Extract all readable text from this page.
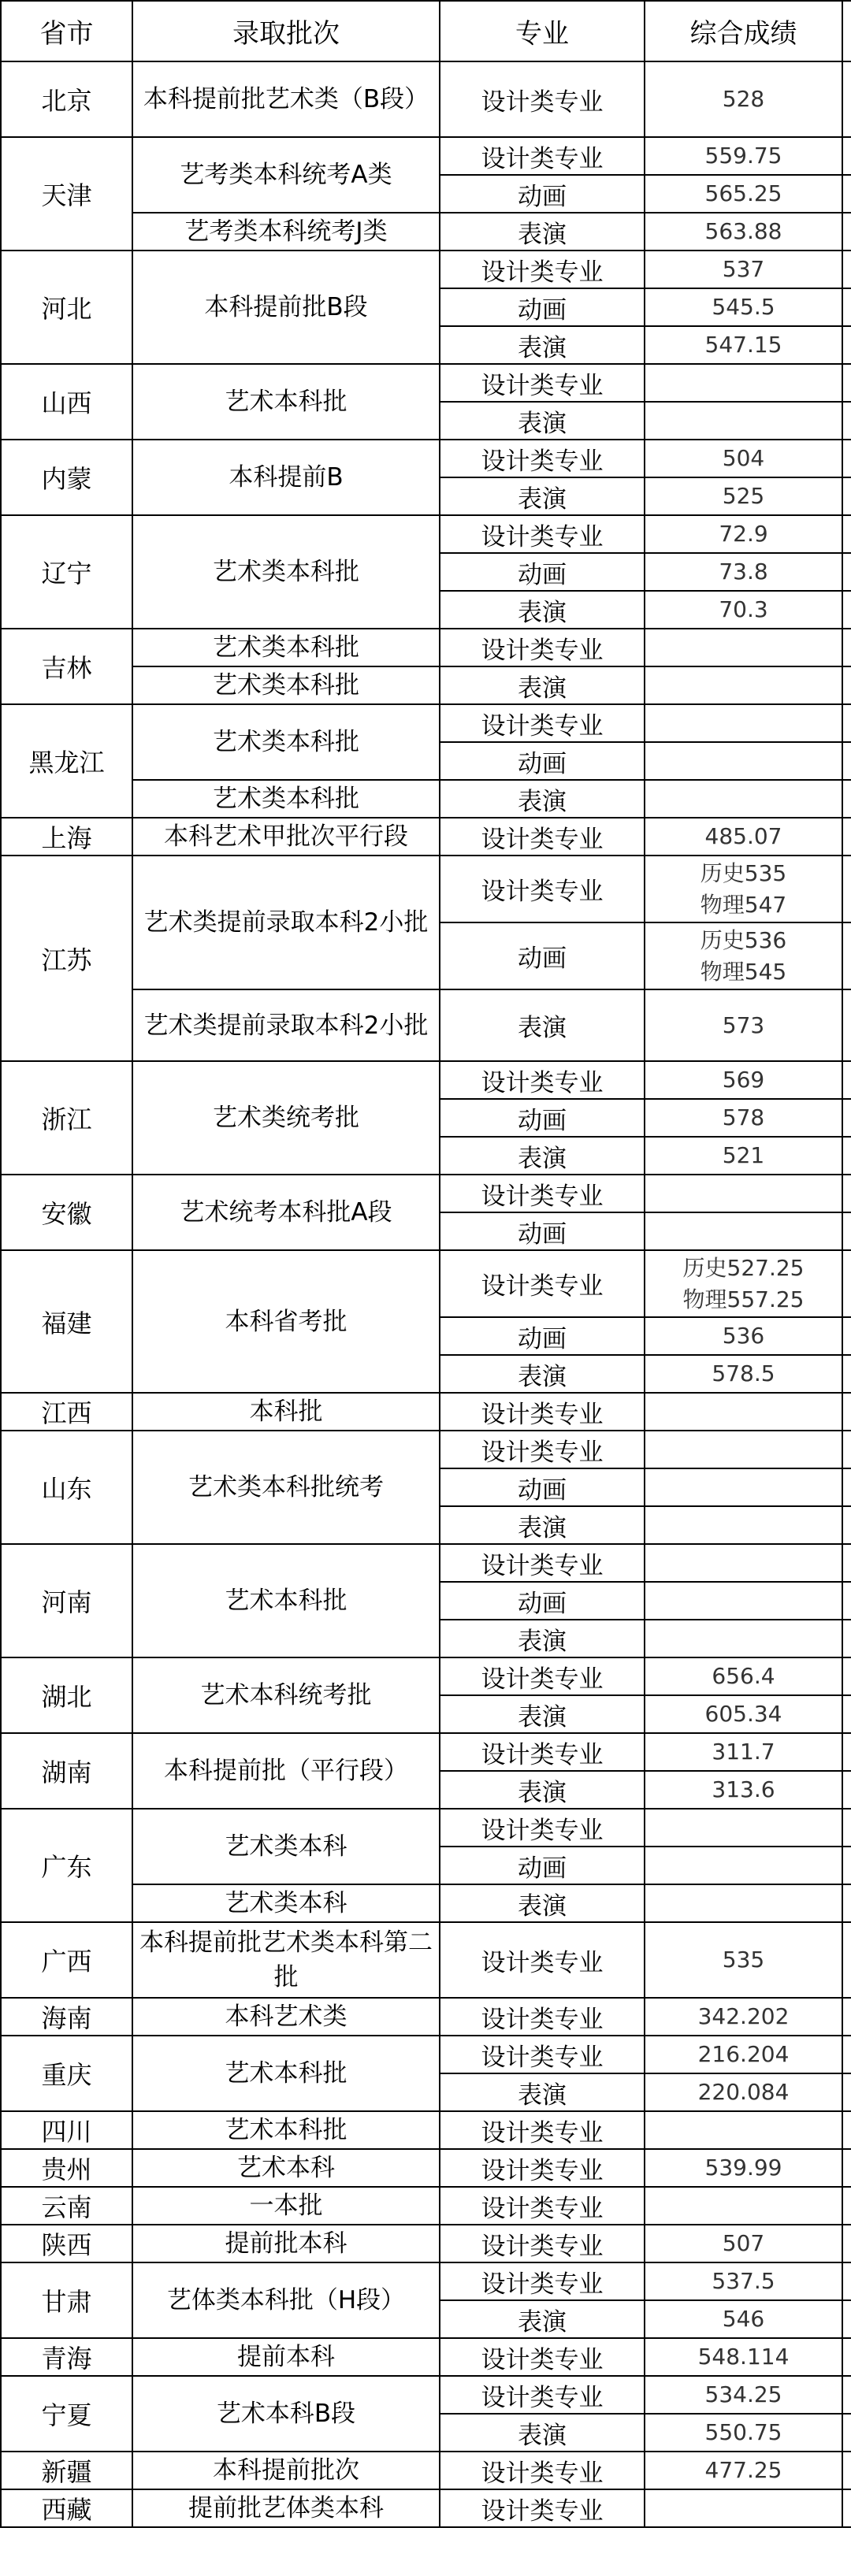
省市	录取批次	专业	综合成绩	
北京	本科提前批艺术类（B段）	设计类专业	528	

天津	艺考类本科统考A类	设计类专业	559.75	

		动画	565.25	

	艺考类本科统考J类	表演	563.88	

河北	本科提前批B段	设计类专业	537	

		动画	545.5	

		表演	547.15	

山西	艺术本科批	设计类专业	

		表演	

内蒙	本科提前B	设计类专业	504	

		表演	525	

辽宁	艺术类本科批	设计类专业	72.9	

		动画	73.8	

		表演	70.3	

吉林	艺术类本科批	设计类专业	

	艺术类本科批	表演	

黑龙江	艺术类本科批	设计类专业	

		动画	

	艺术类本科批	表演	

上海	本科艺术甲批次平行段	设计类专业	485.07	

江苏	艺术类提前录取本科2小批	设计类专业	历史535
物理547	

		动画	历史536
物理545	

	艺术类提前录取本科2小批	表演	573	

浙江	艺术类统考批	设计类专业	569	

		动画	578	

		表演	521	

安徽	艺术统考本科批A段	设计类专业	

		动画	

福建	本科省考批	设计类专业	历史527.25
物理557.25	

		动画	536	

		表演	578.5	

江西	本科批	设计类专业	

山东	艺术类本科批统考	设计类专业	

		动画	

		表演	

河南	艺术本科批	设计类专业	

		动画	

		表演	

湖北	艺术本科统考批	设计类专业	656.4	

		表演	605.34	

湖南	本科提前批（平行段）	设计类专业	311.7	

		表演	313.6	

广东	艺术类本科	设计类专业	

		动画	

	艺术类本科	表演	

广西	本科提前批艺术类本科第二批	设计类专业	535	

海南	本科艺术类	设计类专业	342.202	

重庆	艺术本科批	设计类专业	216.204	

		表演	220.084	

四川	艺术本科批	设计类专业	

贵州	艺术本科	设计类专业	539.99	

云南	一本批	设计类专业	

陕西	提前批本科	设计类专业	507	

甘肃	艺体类本科批（H段）	设计类专业	537.5	

		表演	546	

青海	提前本科	设计类专业	548.114	

宁夏	艺术本科B段	设计类专业	534.25	

		表演	550.75	

新疆	本科提前批次	设计类专业	477.25	

西藏	提前批艺体类本科	设计类专业	
